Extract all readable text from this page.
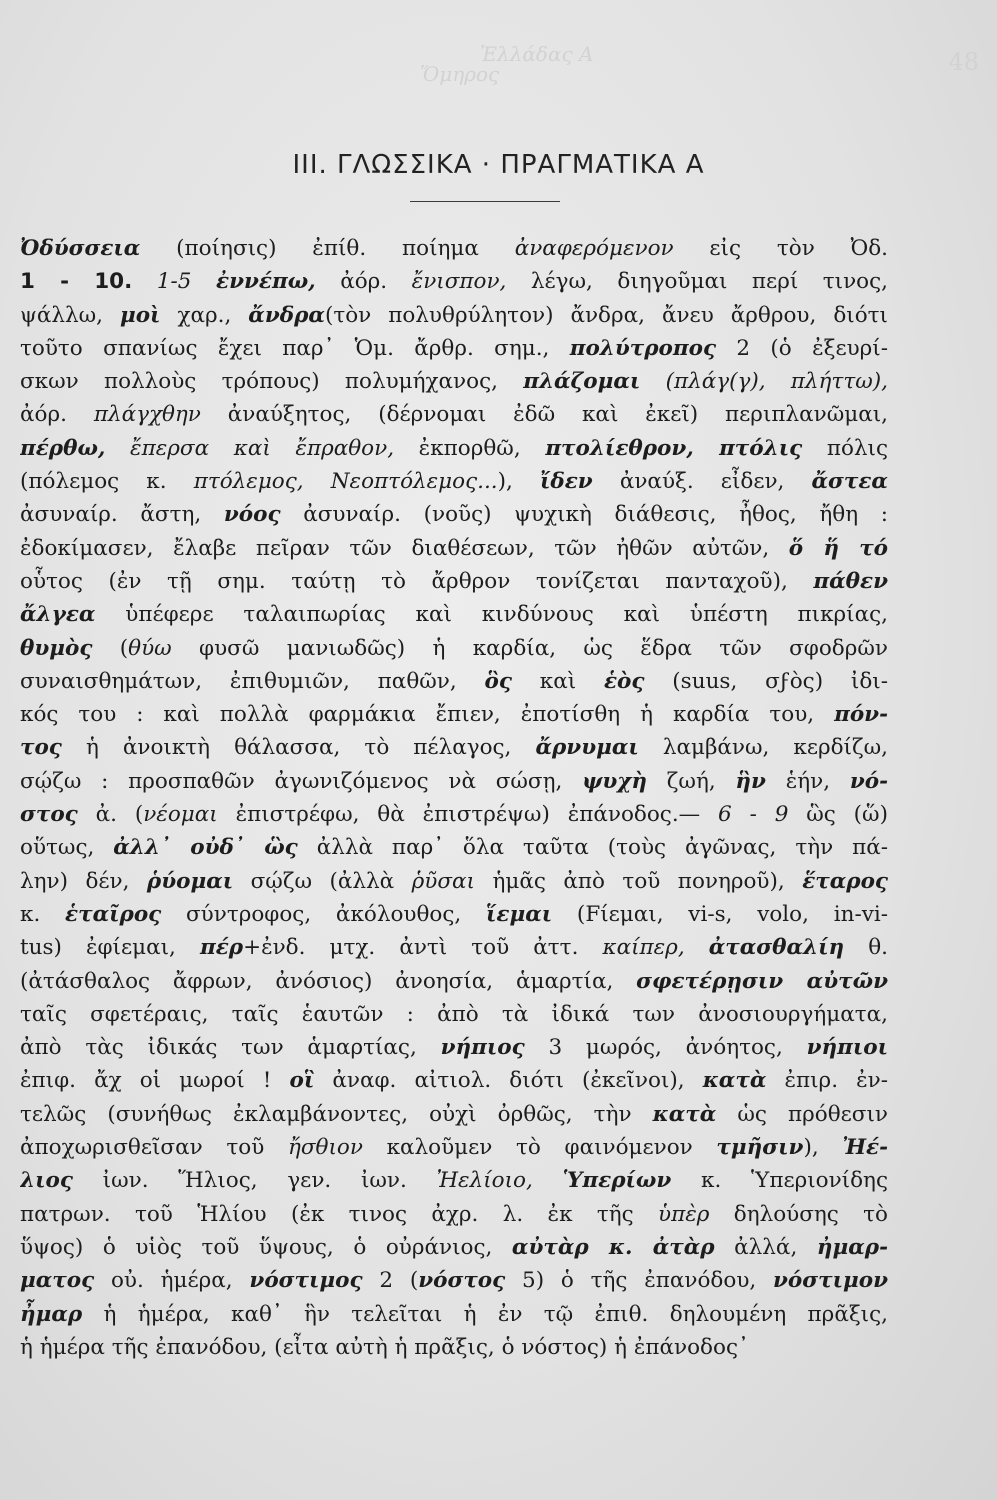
48
Ἐλλάδας Α
Ὅμηρος
III. ΓΛΩΣΣΙΚΑ · ΠΡΑΓΜΑΤΙΚΑ Α
Ὀδύσσεια (ποίησις) ἐπίθ. ποίημα ἀναφερόμενον εἰς τὸν Ὀδ.
1 - 10. 1-5 ἐννέπω, ἀόρ. ἔνισπον, λέγω, διηγοῦμαι περί τινος,
ψάλλω, μοὶ χαρ., ἄνδρα(τὸν πολυθρύλητον) ἄνδρα, ἄνευ ἄρθρου, διότι
τοῦτο σπανίως ἔχει παρ᾿ Ὁμ. ἄρθρ. σημ., πολύτροπος 2 (ὁ ἐξευρί-
σκων πολλοὺς τρόπους) πολυμήχανος, πλάζομαι (πλάγ(γ), πλήττω),
ἀόρ. πλάγχθην ἀναύξητος, (δέρνομαι ἐδῶ καὶ ἐκεῖ) περιπλανῶμαι,
πέρθω, ἔπερσα καὶ ἔπραθον, ἐκπορθῶ, πτολίεθρον, πτόλις πόλις
(πόλεμος κ. πτόλεμος, Νεοπτόλεμος...), ἴδεν ἀναύξ. εἶδεν, ἄστεα
ἀσυναίρ. ἄστη, νόος ἀσυναίρ. (νοῦς) ψυχικὴ διάθεσις, ἦθος, ἤθη :
ἐδοκίμασεν, ἔλαβε πεῖραν τῶν διαθέσεων, τῶν ἠθῶν αὐτῶν, ὅ ἥ τό
οὗτος (ἐν τῇ σημ. ταύτῃ τὸ ἄρθρον τονίζεται πανταχοῦ), πάθεν
ἄλγεα ὑπέφερε ταλαιπωρίας καὶ κινδύνους καὶ ὑπέστη πικρίας,
θυμὸς (θύω φυσῶ μανιωδῶς) ἡ καρδία, ὡς ἕδρα τῶν σφοδρῶν
συναισθημάτων, ἐπιθυμιῶν, παθῶν, ὃς καὶ ἑὸς (suus, σϝὸς) ἰδι-
κός του : καὶ πολλὰ φαρμάκια ἔπιεν, ἐποτίσθη ἡ καρδία του, πόν-
τος ἡ ἀνοικτὴ θάλασσα, τὸ πέλαγος, ἄρνυμαι λαμβάνω, κερδίζω,
σῴζω : προσπαθῶν ἀγωνιζόμενος νὰ σώσῃ, ψυχὴ ζωή, ἣν ἑήν, νό-
στος ἀ. (νέομαι ἐπιστρέφω, θὰ ἐπιστρέψω) ἐπάνοδος.— 6 - 9 ὣς (ὥ)
οὕτως, ἀλλ᾿ οὐδ᾿ ὣς ἀλλὰ παρ᾿ ὅλα ταῦτα (τοὺς ἀγῶνας, τὴν πά-
λην) δέν, ῥύομαι σῴζω (ἀλλὰ ῥῦσαι ἡμᾶς ἀπὸ τοῦ πονηροῦ), ἕταρος
κ. ἑταῖρος σύντροφος, ἀκόλουθος, ἵεμαι (Fίεμαι, vi-s, volo, in-vi-
tus) ἐφίεμαι, πέρ+ἐνδ. μτχ. ἀντὶ τοῦ ἀττ. καίπερ, ἀτασθαλίη θ.
(ἀτάσθαλος ἄφρων, ἀνόσιος) ἀνοησία, ἁμαρτία, σφετέρῃσιν αὐτῶν
ταῖς σφετέραις, ταῖς ἑαυτῶν : ἀπὸ τὰ ἰδικά των ἀνοσιουργήματα,
ἀπὸ τὰς ἰδικάς των ἁμαρτίας, νήπιος 3 μωρός, ἀνόητος, νήπιοι
ἐπιφ. ἄχ οἱ μωροί ! οἳ ἀναφ. αἰτιολ. διότι (ἐκεῖνοι), κατὰ ἐπιρ. ἐν-
τελῶς (συνήθως ἐκλαμβάνοντες, οὐχὶ ὀρθῶς, τὴν κατὰ ὡς πρόθεσιν
ἀποχωρισθεῖσαν τοῦ ἤσθιον καλοῦμεν τὸ φαινόμενον τμῆσιν), Ἠέ-
λιος ἰων. Ἥλιος, γεν. ἰων. Ἠελίοιο, Ὑπερίων κ. Ὑπεριονίδης
πατρων. τοῦ Ἡλίου (ἐκ τινος ἀχρ. λ. ἐκ τῆς ὑπὲρ δηλούσης τὸ
ὕψος) ὁ υἱὸς τοῦ ὕψους, ὁ οὐράνιος, αὐτὰρ κ. ἀτὰρ ἀλλά, ἠμαρ-
ματος οὐ. ἡμέρα, νόστιμος 2 (νόστος 5) ὁ τῆς ἐπανόδου, νόστιμον
ἦμαρ ἡ ἡμέρα, καθ᾿ ἣν τελεῖται ἡ ἐν τῷ ἐπιθ. δηλουμένη πρᾶξις,
ἡ ἡμέρα τῆς ἐπανόδου, (εἶτα αὐτὴ ἡ πρᾶξις, ὁ νόστος) ἡ ἐπάνοδος᾿
